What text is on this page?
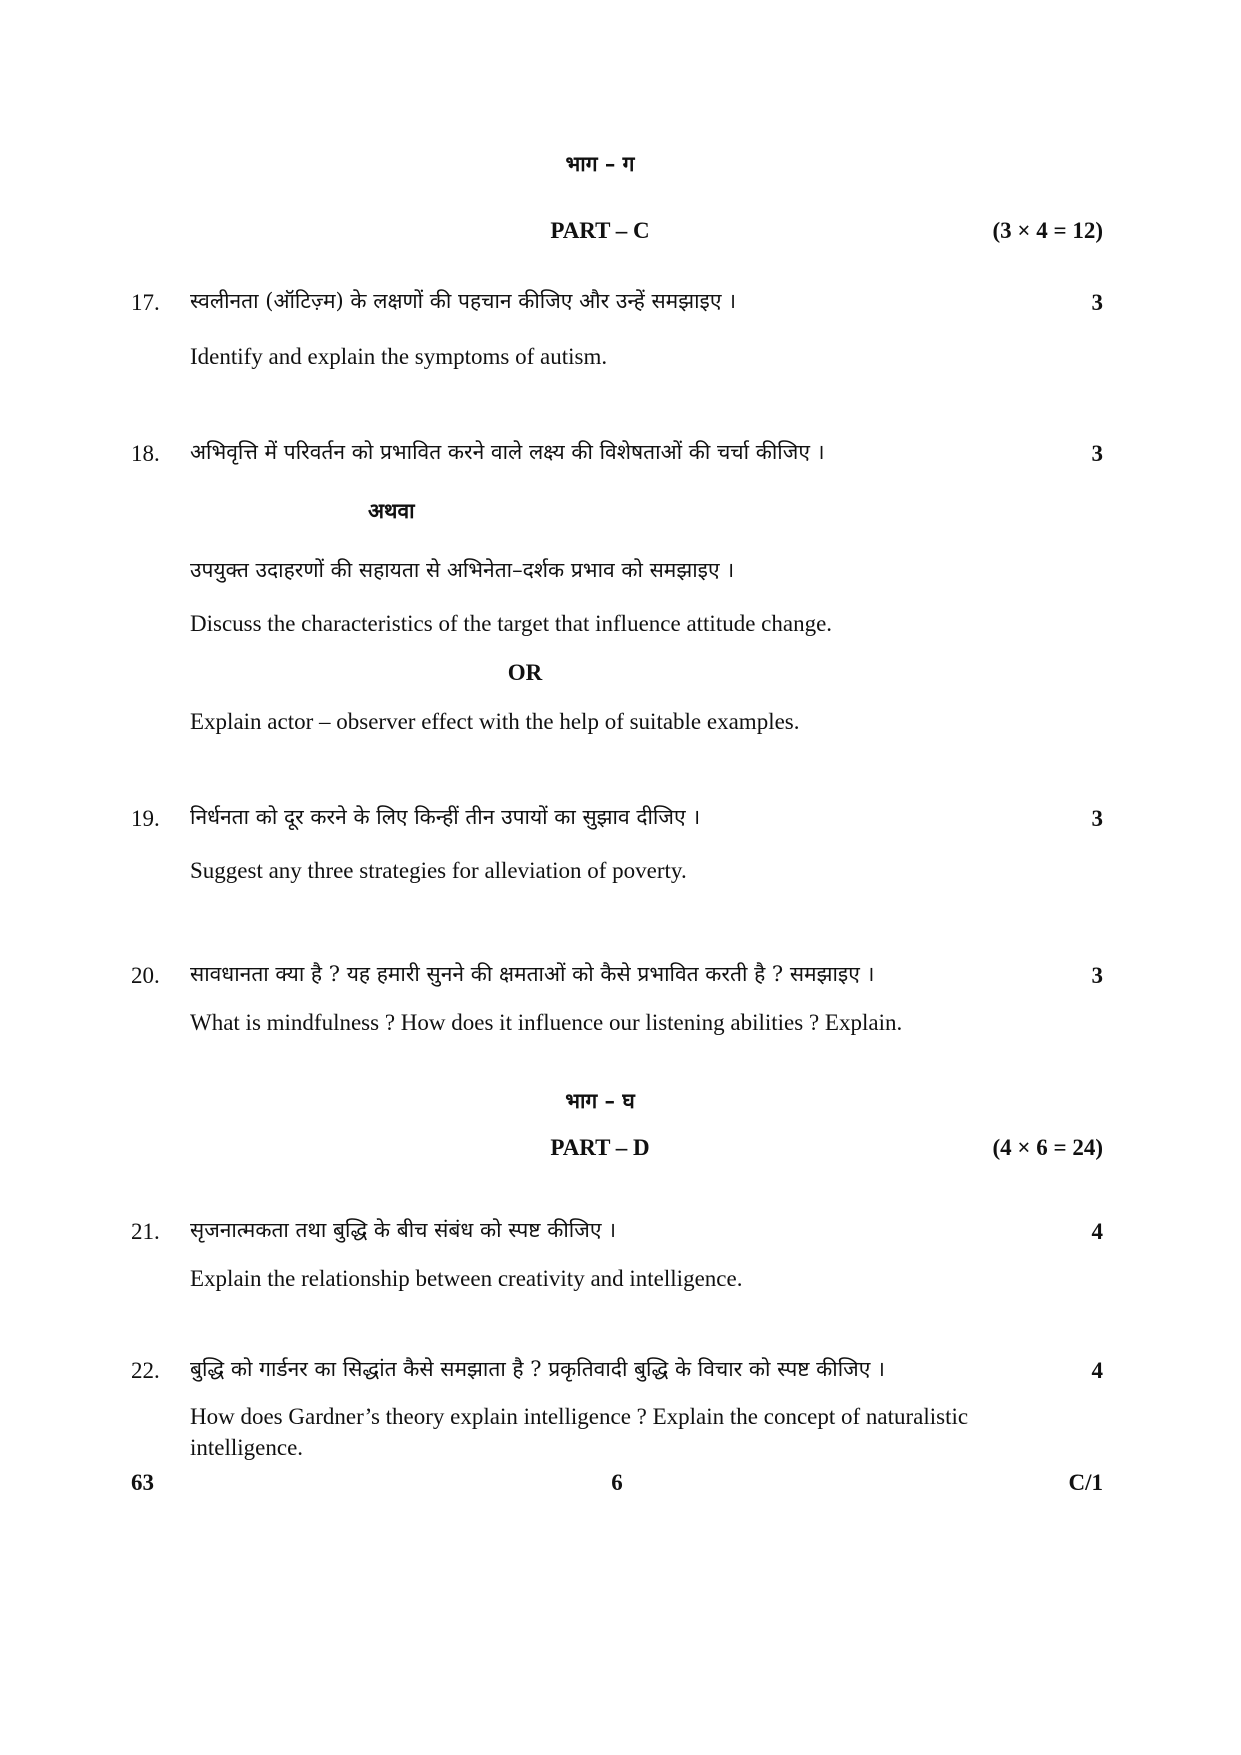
भाग – ग
PART – C	(3 × 4 = 12)
17. स्वलीनता (ऑटिज़्म) के लक्षणों की पहचान कीजिए और उन्हें समझाइए ।	3
Identify and explain the symptoms of autism.
18. अभिवृत्ति में परिवर्तन को प्रभावित करने वाले लक्ष्य की विशेषताओं की चर्चा कीजिए ।	3
अथवा
उपयुक्त उदाहरणों की सहायता से अभिनेता–दर्शक प्रभाव को समझाइए ।
Discuss the characteristics of the target that influence attitude change.
OR
Explain actor – observer effect with the help of suitable examples.
19. निर्धनता को दूर करने के लिए किन्हीं तीन उपायों का सुझाव दीजिए ।	3
Suggest any three strategies for alleviation of poverty.
20. सावधानता क्या है ? यह हमारी सुनने की क्षमताओं को कैसे प्रभावित करती है ? समझाइए ।	3
What is mindfulness ? How does it influence our listening abilities ? Explain.
भाग – घ
PART – D	(4 × 6 = 24)
21. सृजनात्मकता तथा बुद्धि के बीच संबंध को स्पष्ट कीजिए ।	4
Explain the relationship between creativity and intelligence.
22. बुद्धि को गार्डनर का सिद्धांत कैसे समझाता है ? प्रकृतिवादी बुद्धि के विचार को स्पष्ट कीजिए ।	4
How does Gardner’s theory explain intelligence ? Explain the concept of naturalistic
intelligence.
63	6	C/1
